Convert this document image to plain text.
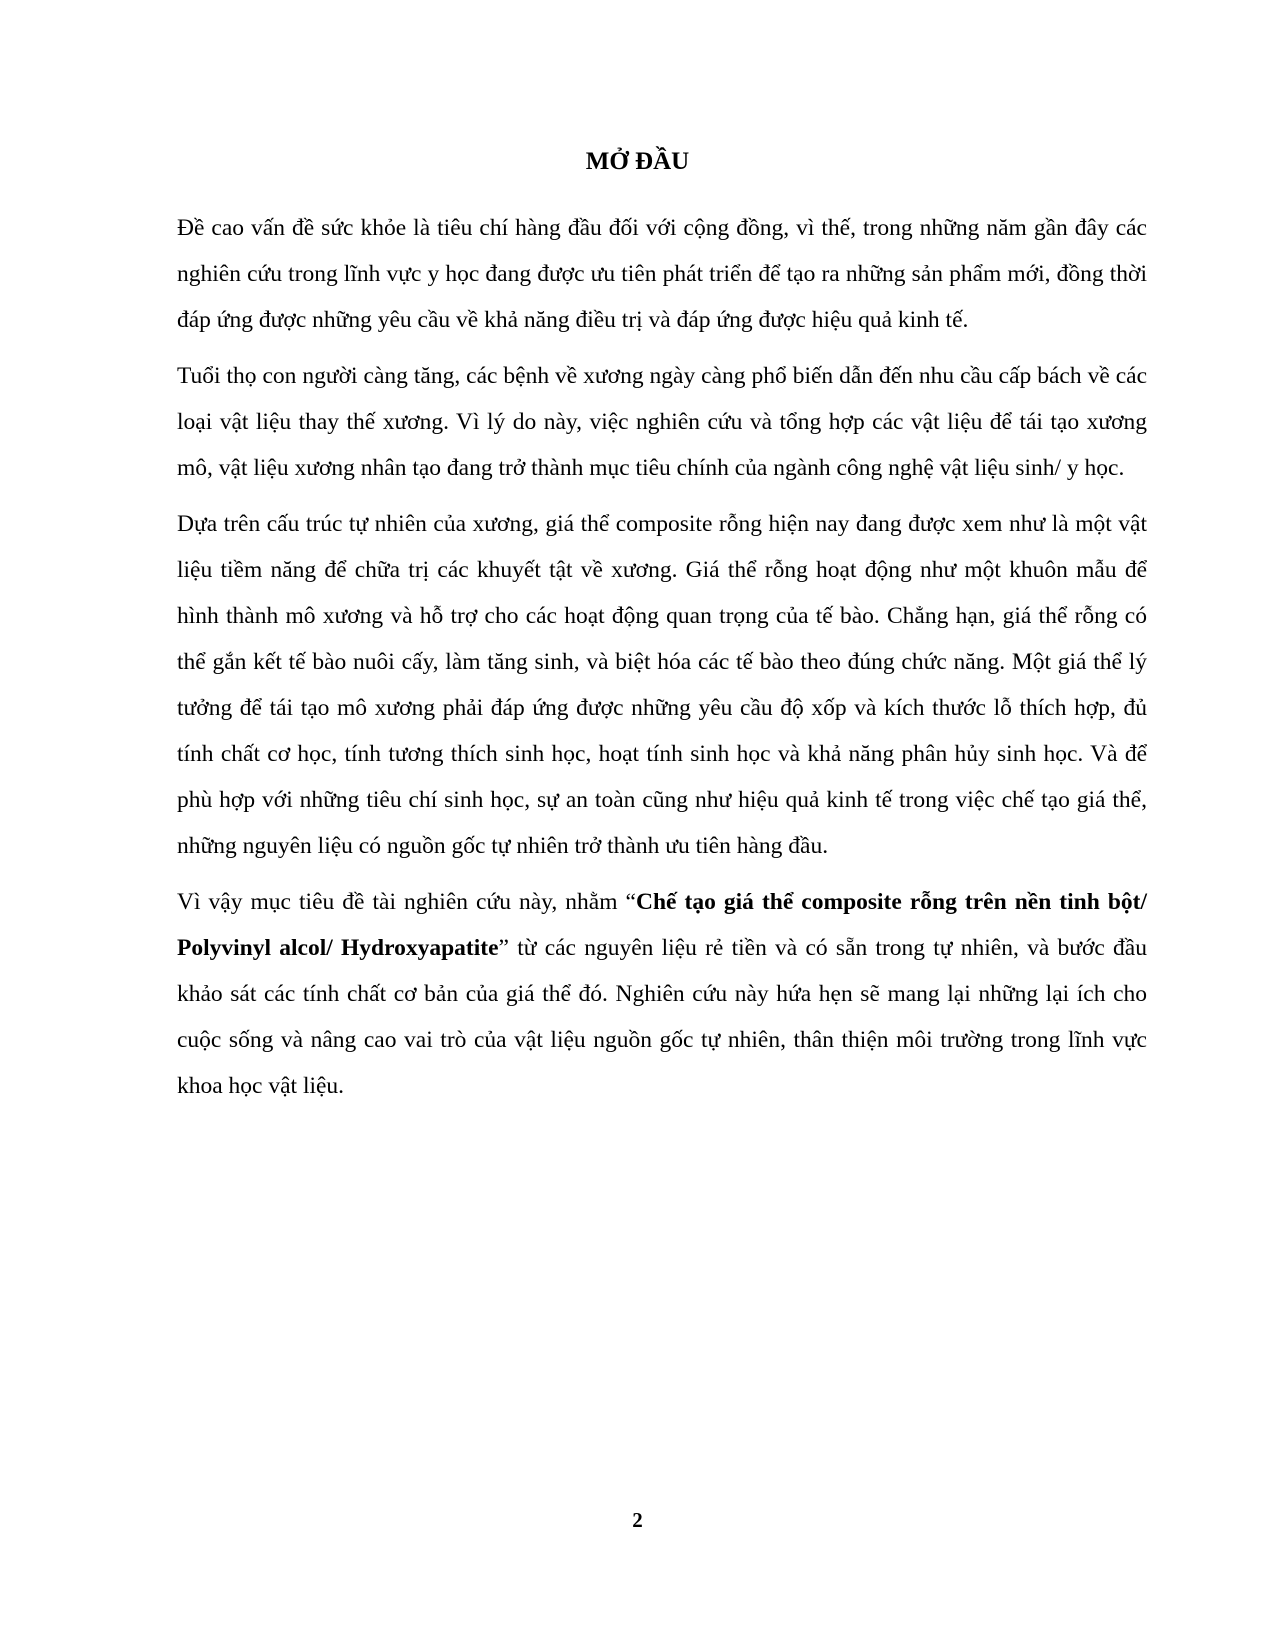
MỞ ĐẦU

Đề cao vấn đề sức khỏe là tiêu chí hàng đầu đối với cộng đồng, vì thế, trong những năm gần đây các nghiên cứu trong lĩnh vực y học đang được ưu tiên phát triển để tạo ra những sản phẩm mới, đồng thời đáp ứng được những yêu cầu về khả năng điều trị và đáp ứng được hiệu quả kinh tế.

Tuổi thọ con người càng tăng, các bệnh về xương ngày càng phổ biến dẫn đến nhu cầu cấp bách về các loại vật liệu thay thế xương. Vì lý do này, việc nghiên cứu và tổng hợp các vật liệu để tái tạo xương mô, vật liệu xương nhân tạo đang trở thành mục tiêu chính của ngành công nghệ vật liệu sinh/ y học.

Dựa trên cấu trúc tự nhiên của xương, giá thể composite rỗng hiện nay đang được xem như là một vật liệu tiềm năng để chữa trị các khuyết tật về xương. Giá thể rỗng hoạt động như một khuôn mẫu để hình thành mô xương và hỗ trợ cho các hoạt động quan trọng của tế bào. Chẳng hạn, giá thể rỗng có thể gắn kết tế bào nuôi cấy, làm tăng sinh, và biệt hóa các tế bào theo đúng chức năng. Một giá thể lý tưởng để tái tạo mô xương phải đáp ứng được những yêu cầu độ xốp và kích thước lỗ thích hợp, đủ tính chất cơ học, tính tương thích sinh học, hoạt tính sinh học và khả năng phân hủy sinh học. Và để phù hợp với những tiêu chí sinh học, sự an toàn cũng như hiệu quả kinh tế trong việc chế tạo giá thể, những nguyên liệu có nguồn gốc tự nhiên trở thành ưu tiên hàng đầu.

Vì vậy mục tiêu đề tài nghiên cứu này, nhằm “Chế tạo giá thể composite rỗng trên nền tinh bột/ Polyvinyl alcol/ Hydroxyapatite” từ các nguyên liệu rẻ tiền và có sẵn trong tự nhiên, và bước đầu khảo sát các tính chất cơ bản của giá thể đó. Nghiên cứu này hứa hẹn sẽ mang lại những lại ích cho cuộc sống và nâng cao vai trò của vật liệu nguồn gốc tự nhiên, thân thiện môi trường trong lĩnh vực khoa học vật liệu.

2
